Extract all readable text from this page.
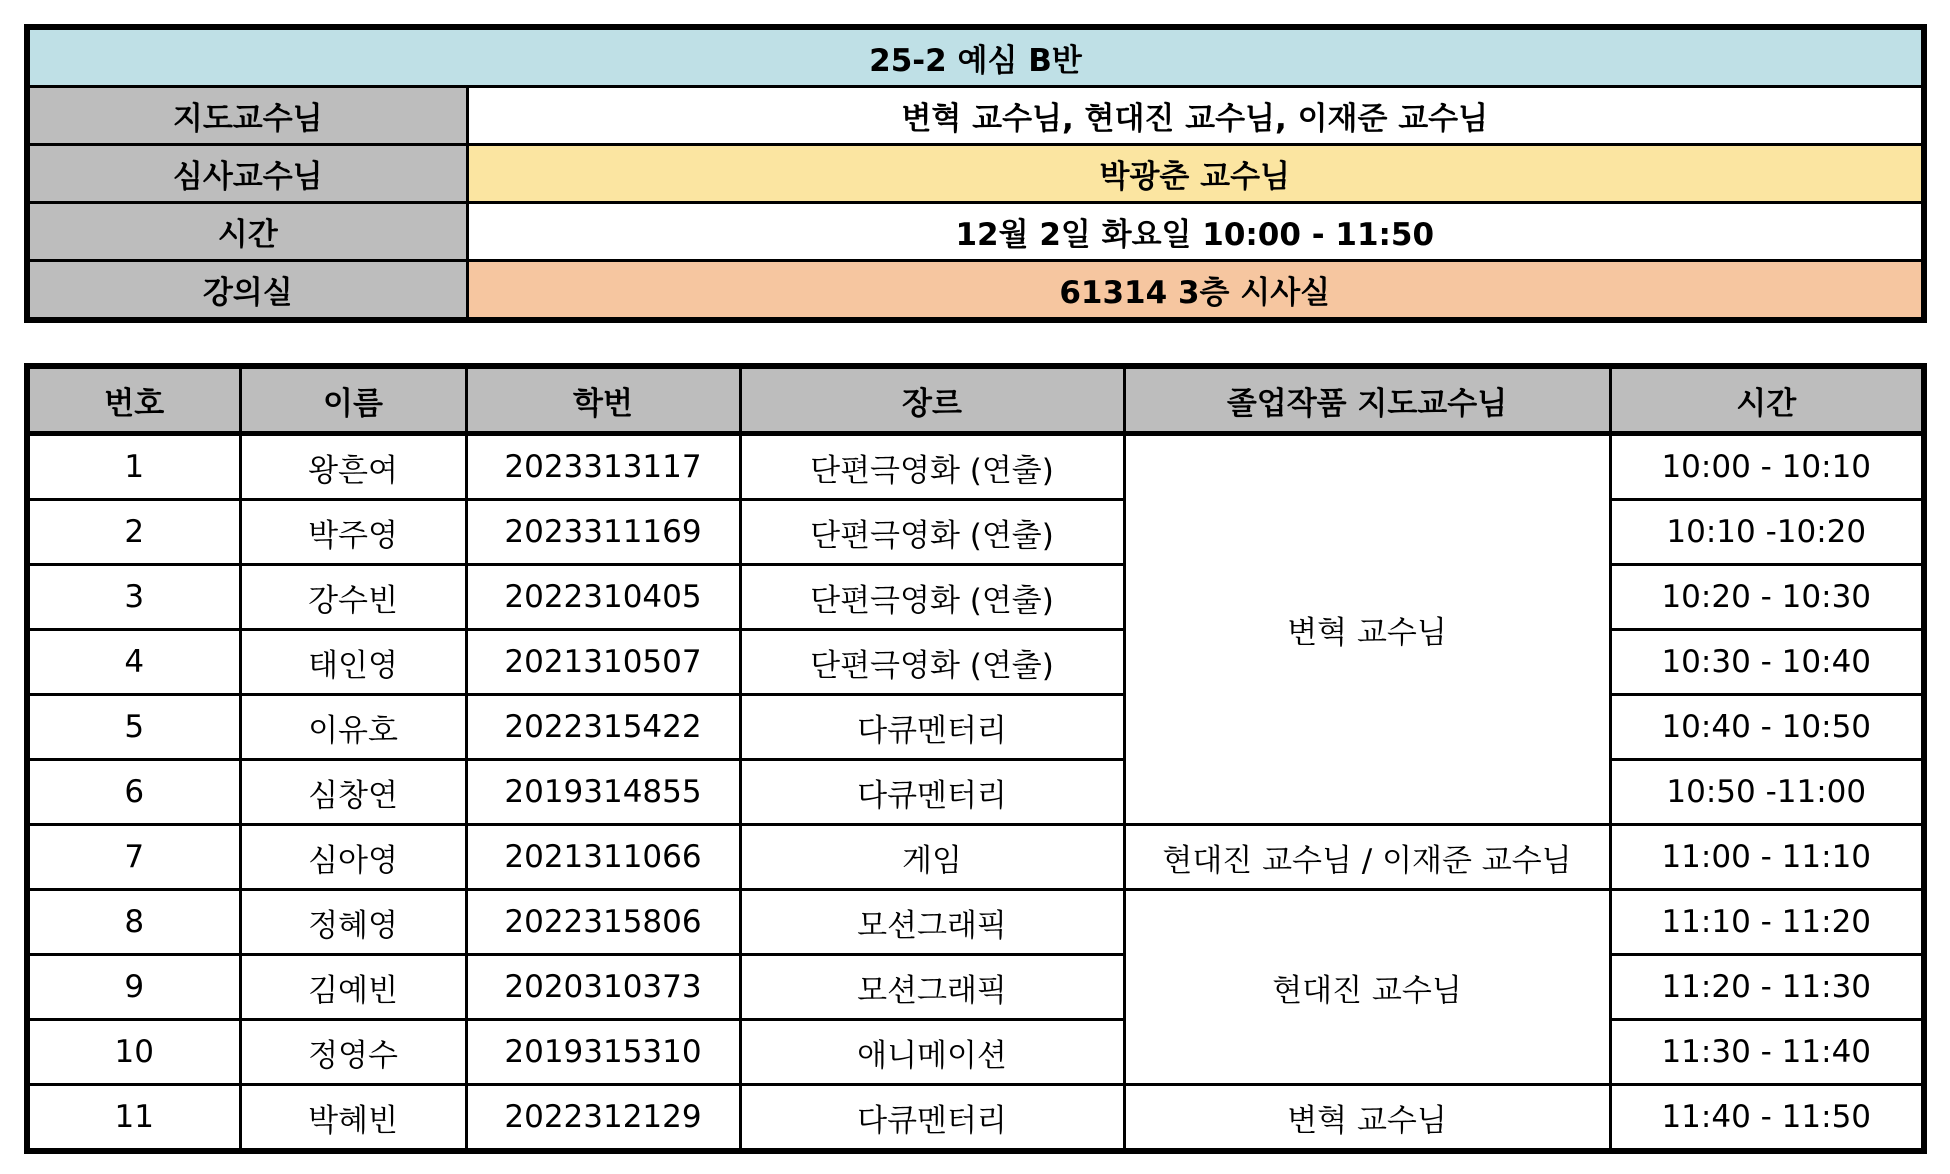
25-2 예심 B반	
지도교수님	변혁 교수님, 현대진 교수님, 이재준 교수님
심사교수님	박광춘 교수님
시간	12월 2일 화요일 10:00 - 11:50
강의실	61314 3층 시사실
번호	이름	학번	장르	졸업작품 지도교수님	시간
1	왕흔여	2023313117	단편극영화 (연출)	변혁 교수님	10:00 - 10:10
2	박주영	2023311169	단편극영화 (연출)		10:10 -10:20
3	강수빈	2022310405	단편극영화 (연출)		10:20 - 10:30
4	태인영	2021310507	단편극영화 (연출)		10:30 - 10:40
5	이유호	2022315422	다큐멘터리		10:40 - 10:50
6	심창연	2019314855	다큐멘터리		10:50 -11:00
7	심아영	2021311066	게임	현대진 교수님 / 이재준 교수님	11:00 - 11:10
8	정혜영	2022315806	모션그래픽	현대진 교수님	11:10 - 11:20
9	김예빈	2020310373	모션그래픽		11:20 - 11:30
10	정영수	2019315310	애니메이션		11:30 - 11:40
11	박혜빈	2022312129	다큐멘터리	변혁 교수님	11:40 - 11:50
